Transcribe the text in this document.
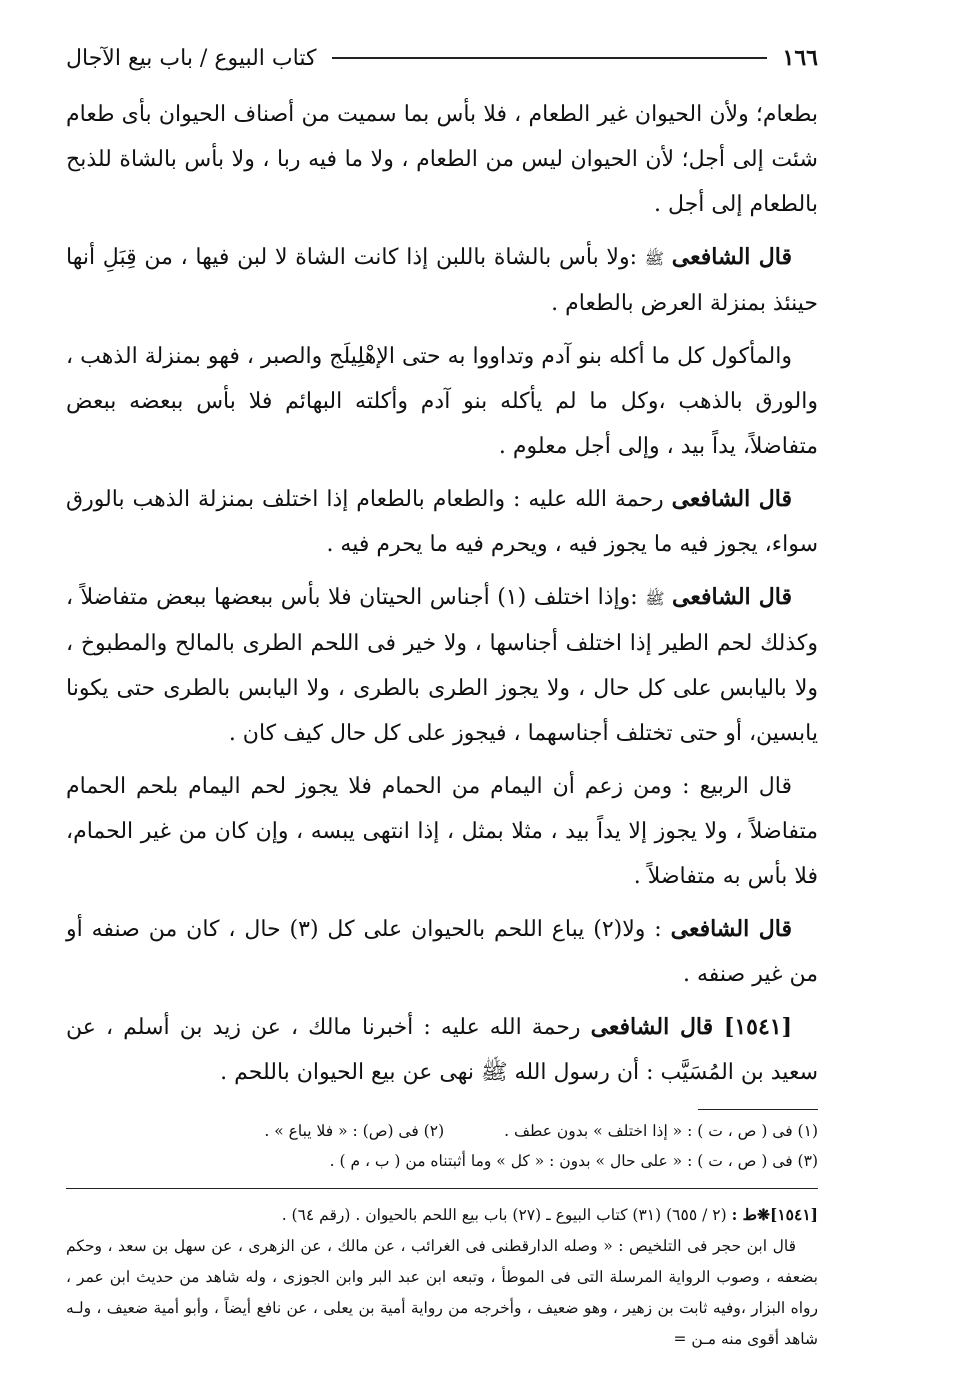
١٦٦
كتاب البيوع / باب بيع الآجال

بطعام؛ ولأن الحيوان غير الطعام ، فلا بأس بما سميت من أصناف الحيوان بأى طعام شئت إلى أجل؛ لأن الحيوان ليس من الطعام ، ولا ما فيه ربا ، ولا بأس بالشاة للذبح بالطعام إلى أجل .

قال الشافعى ﷺ :ولا بأس بالشاة باللبن إذا كانت الشاة لا لبن فيها ، من قِبَلِ أنها حينئذ بمنزلة العرض بالطعام .

والمأكول كل ما أكله بنو آدم وتداووا به حتى الإهْلِيلَج والصبر ، فهو بمنزلة الذهب ، والورق بالذهب ،وكل ما لم يأكله بنو آدم وأكلته البهائم فلا بأس ببعضه ببعض متفاضلاً، يداً بيد ، وإلى أجل معلوم .

قال الشافعى رحمة الله عليه : والطعام بالطعام إذا اختلف بمنزلة الذهب بالورق سواء، يجوز فيه ما يجوز فيه ، ويحرم فيه ما يحرم فيه .

قال الشافعى ﷺ :وإذا اختلف (١) أجناس الحيتان فلا بأس ببعضها ببعض متفاضلاً ، وكذلك لحم الطير إذا اختلف أجناسها ، ولا خير فى اللحم الطرى بالمالح والمطبوخ ، ولا باليابس على كل حال ، ولا يجوز الطرى بالطرى ، ولا اليابس بالطرى حتى يكونا يابسين، أو حتى تختلف أجناسهما ، فيجوز على كل حال كيف كان .

قال الربيع : ومن زعم أن اليمام من الحمام فلا يجوز لحم اليمام بلحم الحمام متفاضلاً ، ولا يجوز إلا يداً بيد ، مثلا بمثل ، إذا انتهى يبسه ، وإن كان من غير الحمام، فلا بأس به متفاضلاً .

قال الشافعى : ولا(٢) يباع اللحم بالحيوان على كل (٣) حال ، كان من صنفه أو من غير صنفه .

[١٥٤١] قال الشافعى رحمة الله عليه : أخبرنا مالك ، عن زيد بن أسلم ، عن سعيد بن المُسَيَّب : أن رسول الله ﷺ نهى عن بيع الحيوان باللحم .

(١) فى ( ص ، ت ) : « إذا اختلف » بدون عطف .
(٢) فى (ص) : « فلا يباع » .
(٣) فى ( ص ، ت ) : « على حال » بدون : « كل » وما أثبتناه من ( ب ، م ) .

[١٥٤١]❋ط : (٢ / ٦٥٥) (٣١) كتاب البيوع ـ (٢٧) باب بيع اللحم بالحيوان . (رقم ٦٤) .

قال ابن حجر فى التلخيص : « وصله الدارقطنى فى الغرائب ، عن مالك ، عن الزهرى ، عن سهل بن سعد ، وحكم بضعفه ، وصوب الرواية المرسلة التى فى الموطأ ، وتبعه ابن عبد البر وابن الجوزى ، وله شاهد من حديث ابن عمر ، رواه البزار ،وفيه ثابت بن زهير ، وهو ضعيف ، وأخرجه من رواية أمية بن يعلى ، عن نافع أيضاً ، وأبو أمية ضعيف ، ولـه شاهد أقوى منه مـن =
